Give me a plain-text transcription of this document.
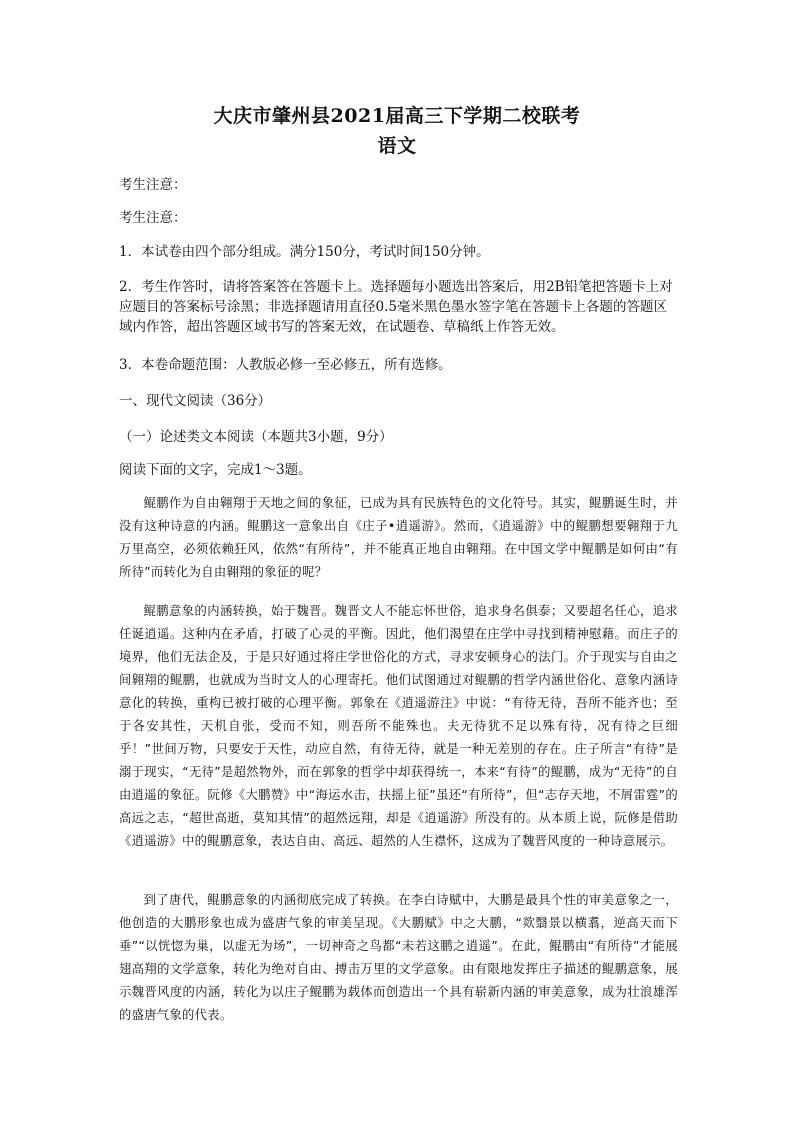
大庆市肇州县2021届高三下学期二校联考
语文
考生注意：
考生注意：
1．本试卷由四个部分组成。满分150分，考试时间150分钟。
2．考生作答时，请将答案答在答题卡上。选择题每小题选出答案后，用2B铅笔把答题卡上对应题目的答案标号涂黑；非选择题请用直径0.5毫米黑色墨水签字笔在答题卡上各题的答题区域内作答，超出答题区域书写的答案无效，在试题卷、草稿纸上作答无效。
3．本卷命题范围：人教版必修一至必修五，所有选修。
一、现代文阅读（36分）
（一）论述类文本阅读（本题共3小题，9分）
阅读下面的文字，完成1～3题。
鲲鹏作为自由翱翔于天地之间的象征，已成为具有民族特色的文化符号。其实，鲲鹏诞生时，并没有这种诗意的内涵。鲲鹏这一意象出自《庄子•逍遥游》。然而，《逍遥游》中的鲲鹏想要翱翔于九万里高空，必须依赖狂风，依然“有所待”，并不能真正地自由翱翔。在中国文学中鲲鹏是如何由“有所待”而转化为自由翱翔的象征的呢？
鲲鹏意象的内涵转换，始于魏晋。魏晋文人不能忘怀世俗，追求身名俱泰；又要超名任心，追求任诞逍遥。这种内在矛盾，打破了心灵的平衡。因此，他们渴望在庄学中寻找到精神慰藉。而庄子的境界，他们无法企及，于是只好通过将庄学世俗化的方式，寻求安顿身心的法门。介于现实与自由之间翱翔的鲲鹏，也就成为当时文人的心理寄托。他们试图通过对鲲鹏的哲学内涵世俗化、意象内涵诗意化的转换，重构已被打破的心理平衡。郭象在《逍遥游注》中说：“有待无待，吾所不能齐也；至于各安其性，天机自张，受而不知，则吾所不能殊也。夫无待犹不足以殊有待，况有待之巨细乎！”世间万物，只要安于天性，动应自然，有待无待，就是一种无差别的存在。庄子所言“有待”是溺于现实，“无待”是超然物外，而在郭象的哲学中却获得统一，本来“有待”的鲲鹏，成为“无待”的自由逍遥的象征。阮修《大鹏赞》中“海运水击，扶摇上征”虽还“有所待”，但“志存天地，不屑雷霆”的高远之志，“超世高逝，莫知其情”的超然远翔，却是《逍遥游》所没有的。从本质上说，阮修是借助《逍遥游》中的鲲鹏意象，表达自由、高远、超然的人生襟怀，这成为了魏晋风度的一种诗意展示。
到了唐代，鲲鹏意象的内涵彻底完成了转换。在李白诗赋中，大鹏是最具个性的审美意象之一，他创造的大鹏形象也成为盛唐气象的审美呈现。《大鹏赋》中之大鹏，“欻翳景以横翥，逆高天而下垂”“以恍惚为巢，以虚无为场”，一切神奇之鸟都“未若这鹏之逍遥”。在此，鲲鹏由“有所待”才能展翅高翔的文学意象，转化为绝对自由、搏击万里的文学意象。由有限地发挥庄子描述的鲲鹏意象，展示魏晋风度的内涵，转化为以庄子鲲鹏为载体而创造出一个具有崭新内涵的审美意象，成为壮浪雄浑的盛唐气象的代表。
